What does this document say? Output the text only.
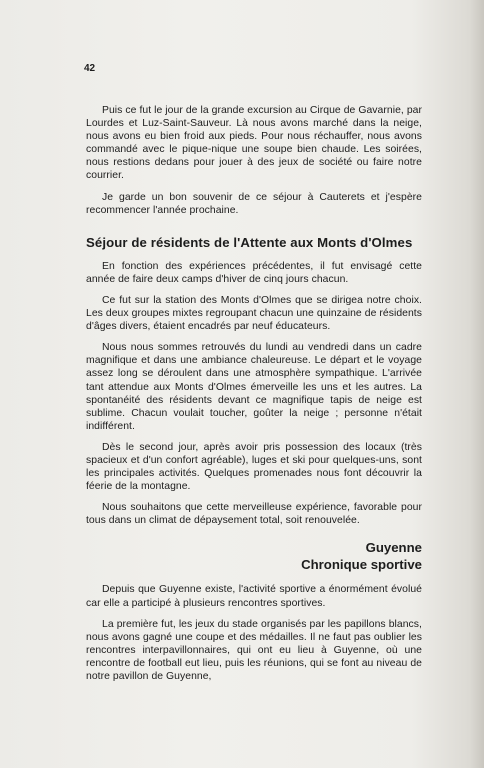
42

Puis ce fut le jour de la grande excursion au Cirque de Gavarnie, par Lourdes et Luz-Saint-Sauveur. Là nous avons marché dans la neige, nous avons eu bien froid aux pieds. Pour nous réchauffer, nous avons commandé avec le pique-nique une soupe bien chaude. Les soirées, nous restions dedans pour jouer à des jeux de société ou faire notre courrier.

Je garde un bon souvenir de ce séjour à Cauterets et j'espère recommencer l'année prochaine.

Séjour de résidents de l'Attente aux Monts d'Olmes

En fonction des expériences précédentes, il fut envisagé cette année de faire deux camps d'hiver de cinq jours chacun.

Ce fut sur la station des Monts d'Olmes que se dirigea notre choix. Les deux groupes mixtes regroupant chacun une quinzaine de résidents d'âges divers, étaient encadrés par neuf éducateurs.

Nous nous sommes retrouvés du lundi au vendredi dans un cadre magnifique et dans une ambiance chaleureuse. Le départ et le voyage assez long se déroulent dans une atmosphère sympathique. L'arrivée tant attendue aux Monts d'Olmes émerveille les uns et les autres. La spontanéité des résidents devant ce magnifique tapis de neige est sublime. Chacun voulait toucher, goûter la neige ; personne n'était indifférent.

Dès le second jour, après avoir pris possession des locaux (très spacieux et d'un confort agréable), luges et ski pour quelques-uns, sont les principales activités. Quelques promenades nous font découvrir la féerie de la montagne.

Nous souhaitons que cette merveilleuse expérience, favorable pour tous dans un climat de dépaysement total, soit renouvelée.

Guyenne
Chronique sportive

Depuis que Guyenne existe, l'activité sportive a énormément évolué car elle a participé à plusieurs rencontres sportives.

La première fut, les jeux du stade organisés par les papillons blancs, nous avons gagné une coupe et des médailles. Il ne faut pas oublier les rencontres interpavillonnaires, qui ont eu lieu à Guyenne, où une rencontre de football eut lieu, puis les réunions, qui se font au niveau de notre pavillon de Guyenne,
